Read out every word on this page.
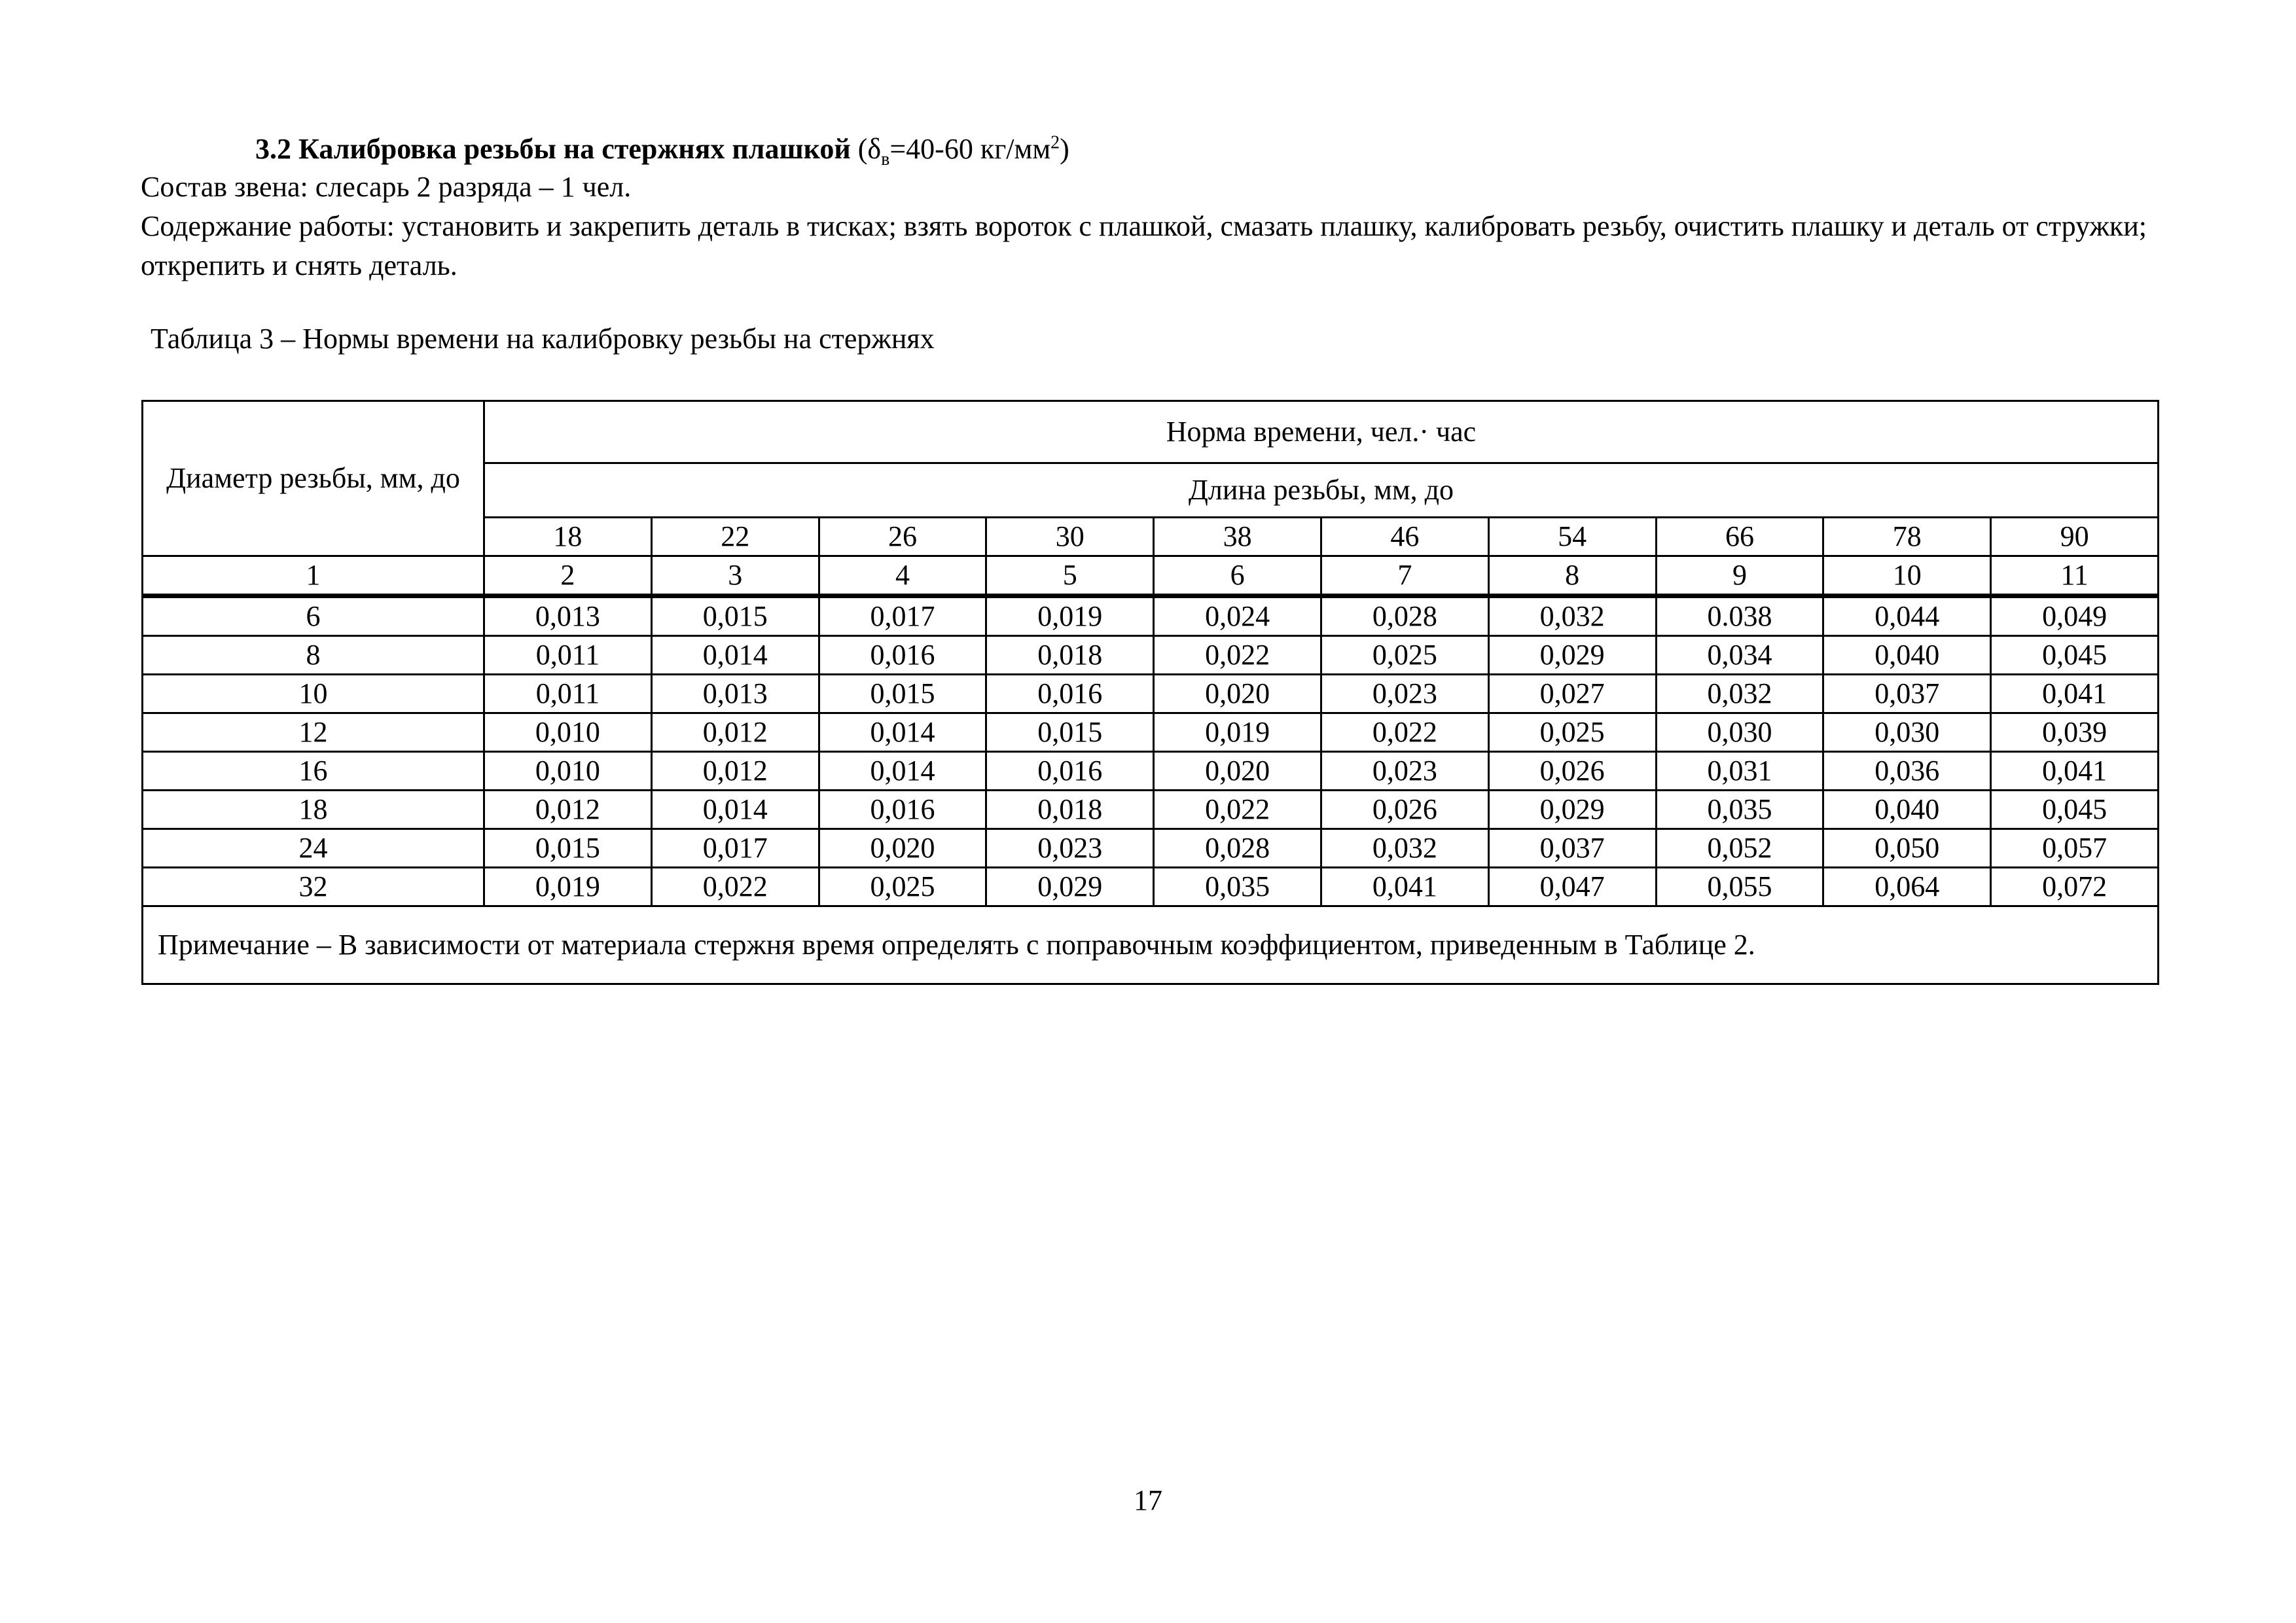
3.2 Калибровка резьбы на стержнях плашкой ($\delta_в=40-60$ $кг/мм^2$)

Состав звена: слесарь 2 разряда – 1 чел.

Содержание работы: установить и закрепить деталь в тисках; взять вороток с плашкой, смазать плашку, калибровать резьбу, очистить плашку и деталь от стружки; открепить и снять деталь.

Таблица 3 – Нормы времени на калибровку резьбы на стержнях

Диаметр резьбы, мм, до	Норма времени, чел.· час									
	Длина резьбы, мм, до									
	18	22	26	30	38	46	54	66	78	90
1	2	3	4	5	6	7	8	9	10	11
6	0,013	0,015	0,017	0,019	0,024	0,028	0,032	0.038	0,044	0,049
8	0,011	0,014	0,016	0,018	0,022	0,025	0,029	0,034	0,040	0,045
10	0,011	0,013	0,015	0,016	0,020	0,023	0,027	0,032	0,037	0,041
12	0,010	0,012	0,014	0,015	0,019	0,022	0,025	0,030	0,030	0,039
16	0,010	0,012	0,014	0,016	0,020	0,023	0,026	0,031	0,036	0,041
18	0,012	0,014	0,016	0,018	0,022	0,026	0,029	0,035	0,040	0,045
24	0,015	0,017	0,020	0,023	0,028	0,032	0,037	0,052	0,050	0,057
32	0,019	0,022	0,025	0,029	0,035	0,041	0,047	0,055	0,064	0,072
Примечание – В зависимости от материала стержня время определять с поправочным коэффициентом, приведенным в Таблице 2.										
17
